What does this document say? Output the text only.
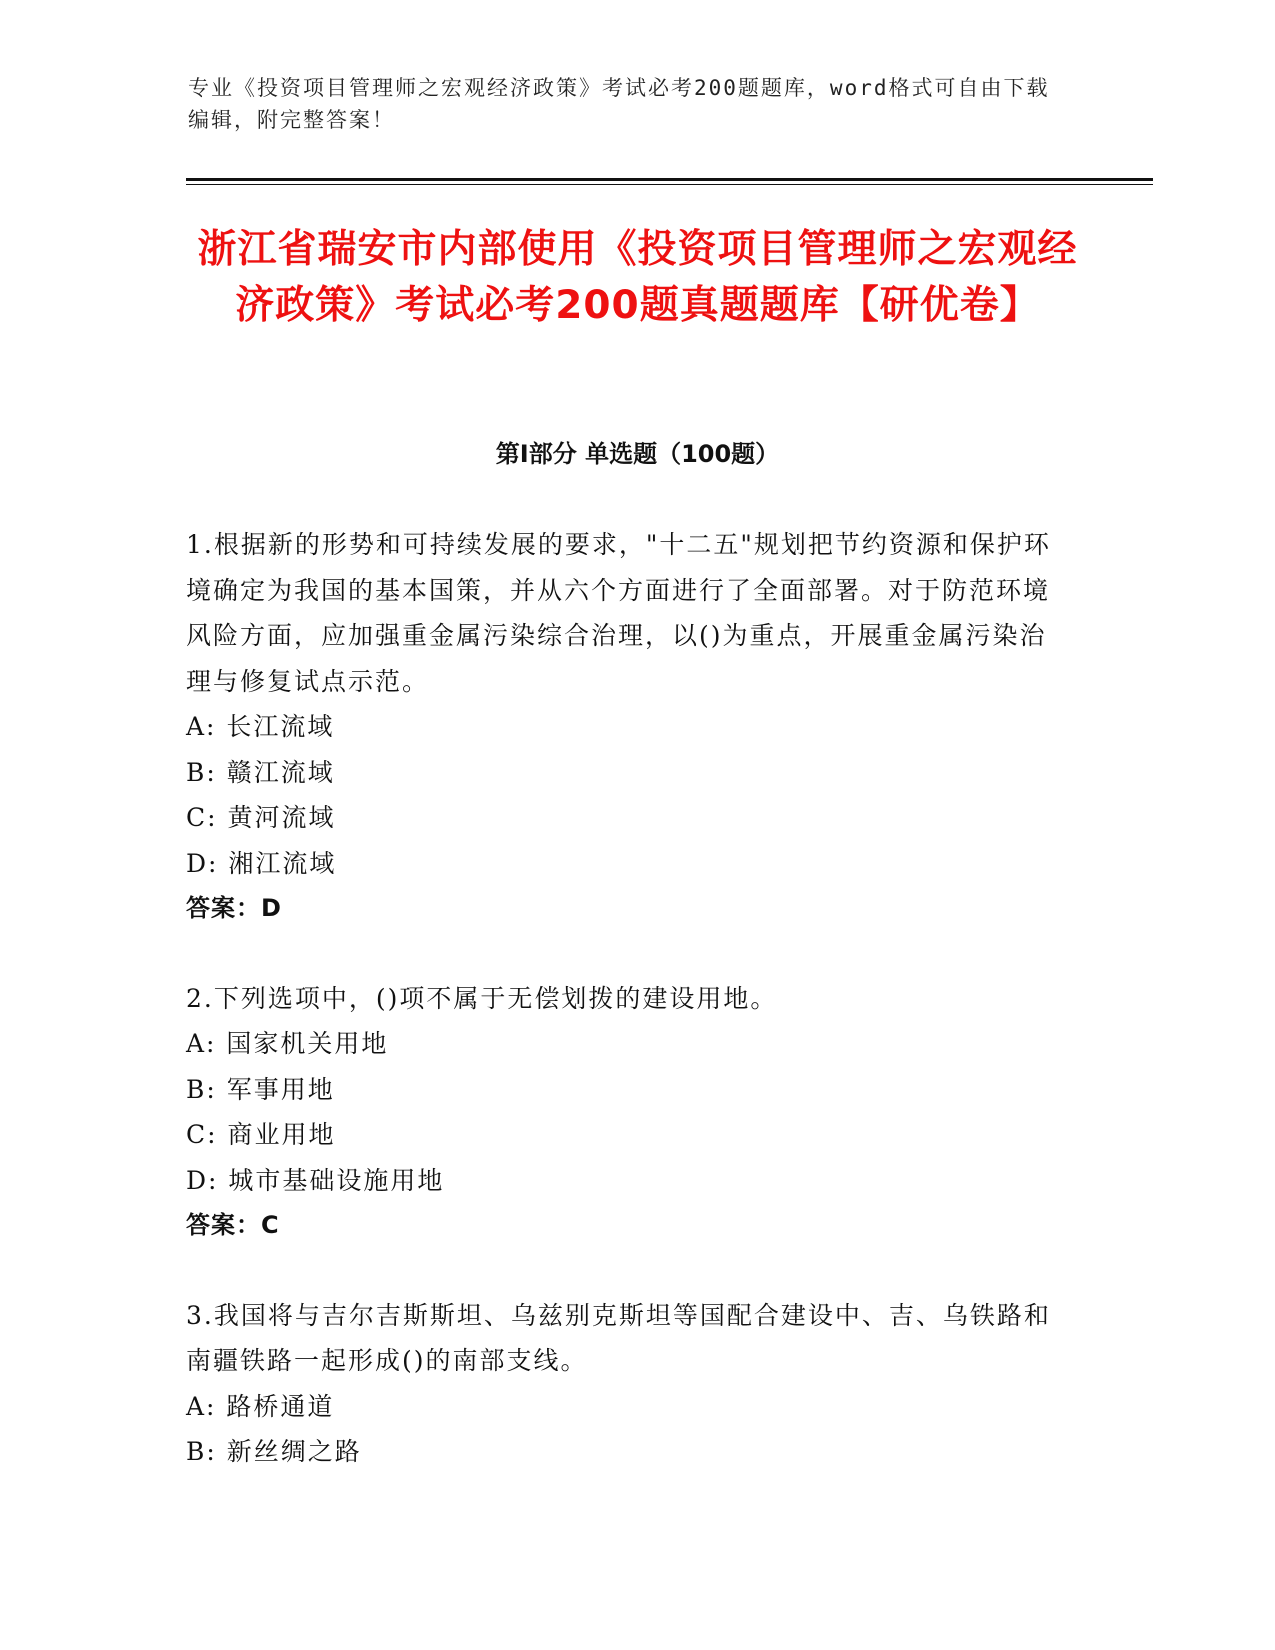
专业《投资项目管理师之宏观经济政策》考试必考200题题库，word格式可自由下载编辑，附完整答案！
浙江省瑞安市内部使用《投资项目管理师之宏观经济政策》考试必考200题真题题库【研优卷】
第I部分 单选题（100题）

1.根据新的形势和可持续发展的要求，"十二五"规划把节约资源和保护环境确定为我国的基本国策，并从六个方面进行了全面部署。对于防范环境风险方面，应加强重金属污染综合治理，以()为重点，开展重金属污染治理与修复试点示范。

A: 长江流域

B: 赣江流域

C: 黄河流域

D: 湘江流域

答案：D

2.下列选项中，()项不属于无偿划拨的建设用地。

A: 国家机关用地

B: 军事用地

C: 商业用地

D: 城市基础设施用地

答案：C

3.我国将与吉尔吉斯斯坦、乌兹别克斯坦等国配合建设中、吉、乌铁路和南疆铁路一起形成()的南部支线。

A: 路桥通道

B: 新丝绸之路
